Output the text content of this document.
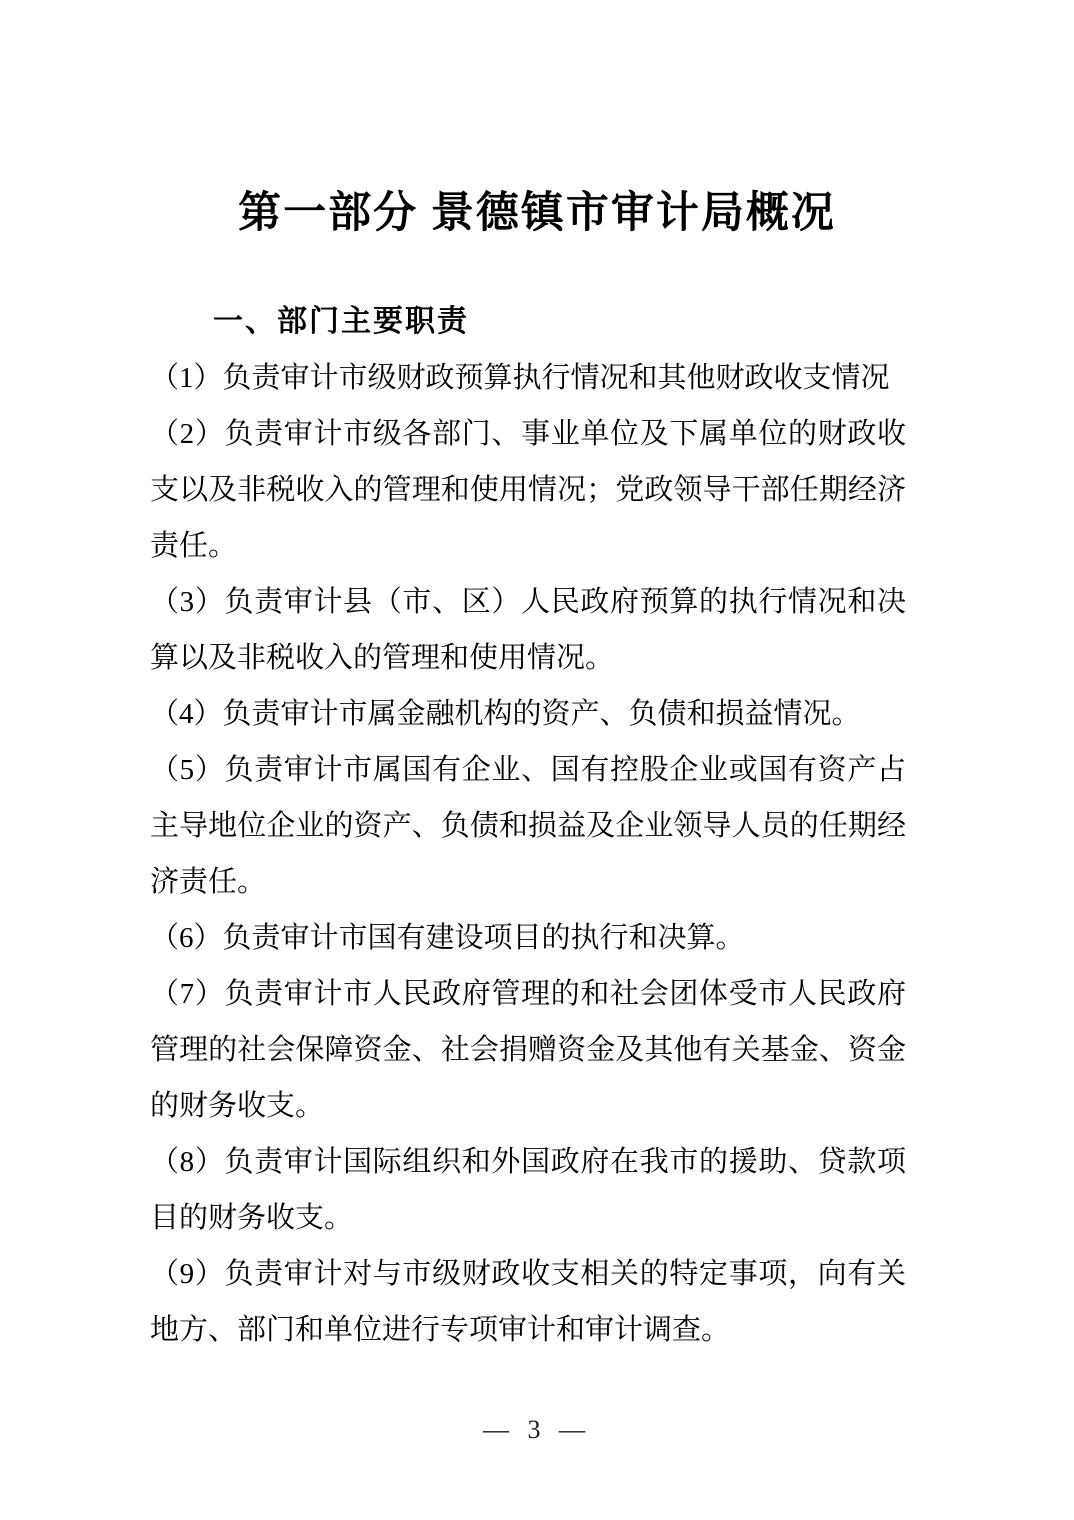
第一部分 景德镇市审计局概况
一、部门主要职责

（1）负责审计市级财政预算执行情况和其他财政收支情况

（2）负责审计市级各部门、事业单位及下属单位的财政收支以及非税收入的管理和使用情况；党政领导干部任期经济责任。

（3）负责审计县（市、区）人民政府预算的执行情况和决算以及非税收入的管理和使用情况。

（4）负责审计市属金融机构的资产、负债和损益情况。

（5）负责审计市属国有企业、国有控股企业或国有资产占主导地位企业的资产、负债和损益及企业领导人员的任期经济责任。

（6）负责审计市国有建设项目的执行和决算。

（7）负责审计市人民政府管理的和社会团体受市人民政府管理的社会保障资金、社会捐赠资金及其他有关基金、资金的财务收支。

（8）负责审计国际组织和外国政府在我市的援助、贷款项目的财务收支。

（9）负责审计对与市级财政收支相关的特定事项，向有关地方、部门和单位进行专项审计和审计调查。

— 3 —
